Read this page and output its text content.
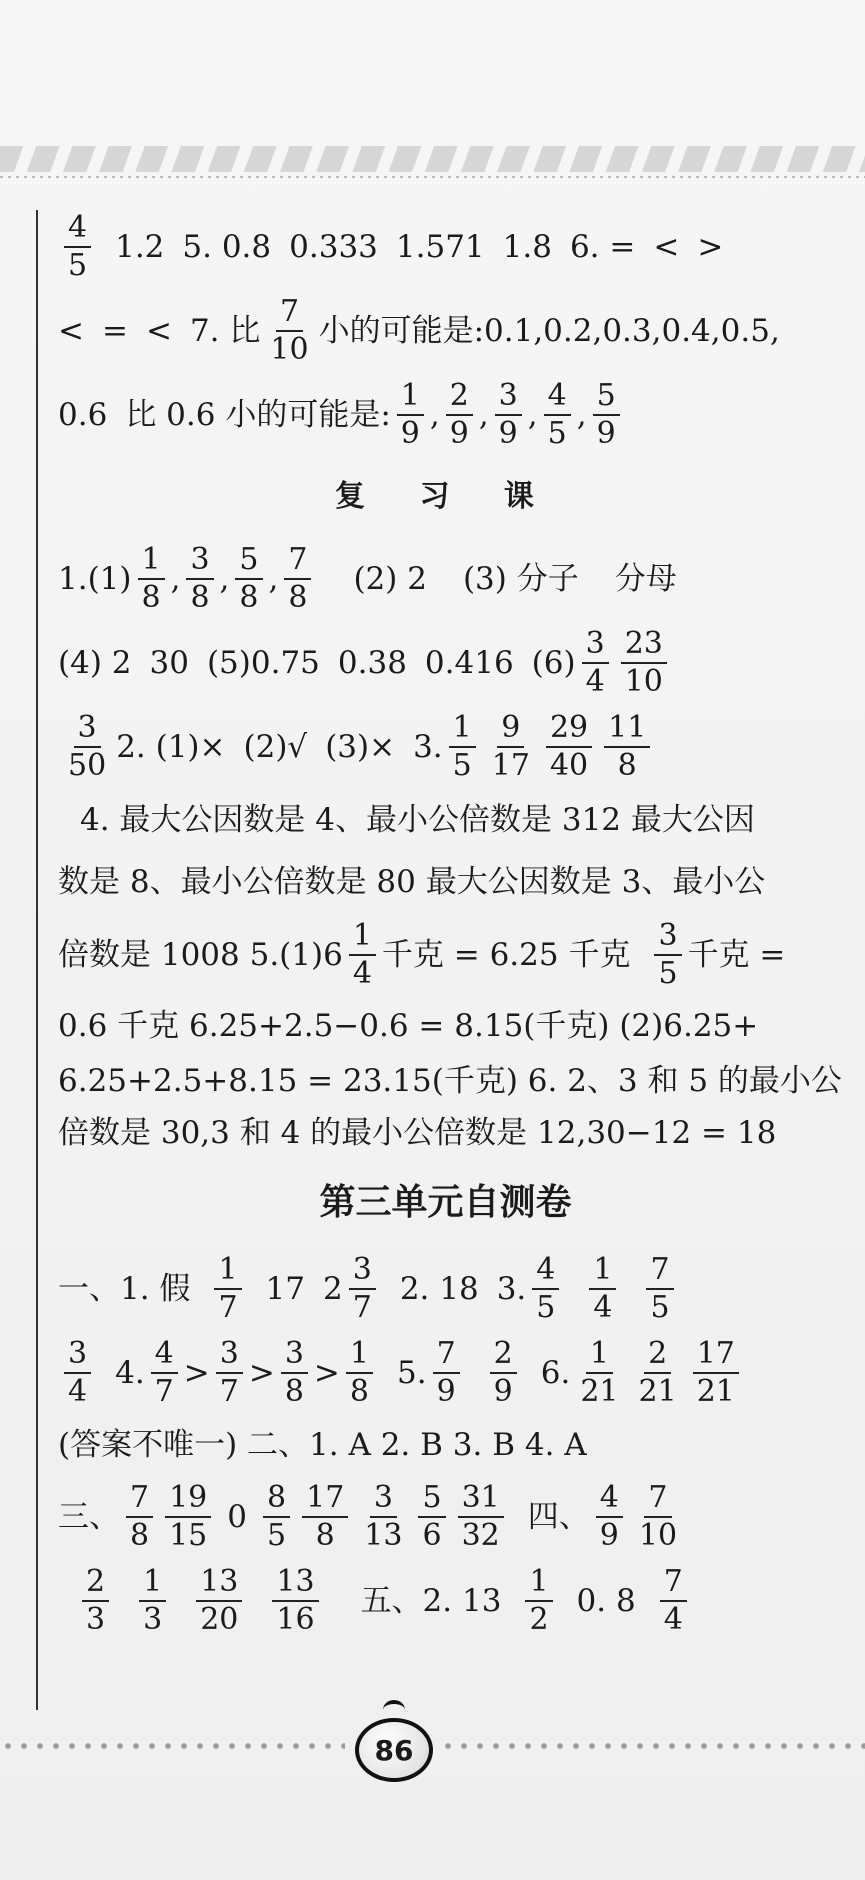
$\frac{4}{5} 1.2$ 5. 0.8 0.333 1.571 1.8 6. = < >
< = < 7. 比 $\frac{7}{10}$ 小的可能是:0.1,0.2,0.3,0.4,0.5,
0.6 比 0.6 小的可能是: $\frac{1}{9}$ , $\frac{2}{9}$ , $\frac{3}{9}$ , $\frac{4}{5}$ , $\frac{5}{9}$
复 习 课
$1.(1) \frac{1}{8}$ , $\frac{3}{8}$ , $\frac{5}{8}$ , $\frac{7}{8} (2)$ 2 (3) 分子 分母
(4) 2 30 (5)0.75 0.38 0.416 $(6) \frac{3}{4} \frac{23}{10}$
$\frac{3}{50} 2$. (1)× (2)√ (3)× 3. $\frac{1}{5} \frac{9}{17} \frac{29}{40} \frac{11}{8}$
4. 最大公因数是 4、最小公倍数是 312 最大公因
数是 8、最小公倍数是 80 最大公因数是 3、最小公
倍数是 1008 $5.(1)6 \frac{1}{4}$ 千克 = 6.25 千克 $\frac{3}{5}$ 千克 =
0.6 千克 6.25+2.5−0.6 = 8.15(千克) (2)6.25+
6.25+2.5+8.15 = 23.15(千克) 6. 2、3 和 5 的最小公
倍数是 30,3 和 4 的最小公倍数是 12,30−12 = 18
第三单元自测卷
一、1. 假 $\frac{1}{7} 17$ $2 \frac{3}{7} 2$. 18 3. $\frac{4}{5} \frac{1}{4} \frac{7}{5}$
$\frac{3}{4} 4$. $\frac{4}{7} > \frac{3}{7} > \frac{3}{8} > \frac{1}{8} 5$. $\frac{7}{9} \frac{2}{9} 6$. $\frac{1}{21} \frac{2}{21} \frac{17}{21}$
(答案不唯一) 二、1. A 2. B 3. B 4. A
三、 $\frac{7}{8} \frac{19}{15} 0 \frac{8}{5} \frac{17}{8} \frac{3}{13} \frac{5}{6} \frac{31}{32}$ 四、 $\frac{4}{9} \frac{7}{10}$
$\frac{2}{3} \frac{1}{3} \frac{13}{20} \frac{13}{16}$ 五、2. $13 \frac{1}{2} 0$. $8 \frac{7}{4}$
86
